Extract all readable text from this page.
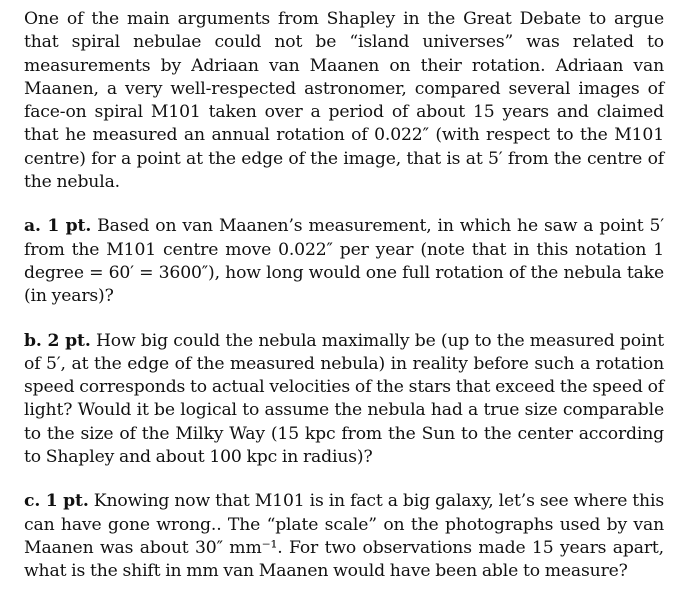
One of the main arguments from Shapley in the Great Debate to argue that spiral nebulae could not be “island universes” was related to measurements by Adriaan van Maanen on their rotation. Adriaan van Maanen, a very well-respected astronomer, compared several images of face-on spiral M101 taken over a period of about 15 years and claimed that he measured an annual rotation of 0.022″ (with respect to the M101 centre) for a point at the edge of the image, that is at 5′ from the centre of the nebula.

a. 1 pt. Based on van Maanen’s measurement, in which he saw a point 5′ from the M101 centre move 0.022″ per year (note that in this notation 1 degree = 60′ = 3600″), how long would one full rotation of the nebula take (in years)?

b. 2 pt. How big could the nebula maximally be (up to the measured point of 5′, at the edge of the measured nebula) in reality before such a rotation speed corresponds to actual velocities of the stars that exceed the speed of light? Would it be logical to assume the nebula had a true size comparable to the size of the Milky Way (15 kpc from the Sun to the center according to Shapley and about 100 kpc in radius)?

c. 1 pt. Knowing now that M101 is in fact a big galaxy, let’s see where this can have gone wrong.. The “plate scale” on the photographs used by van Maanen was about 30″ mm⁻¹. For two observations made 15 years apart, what is the shift in mm van Maanen would have been able to measure?
